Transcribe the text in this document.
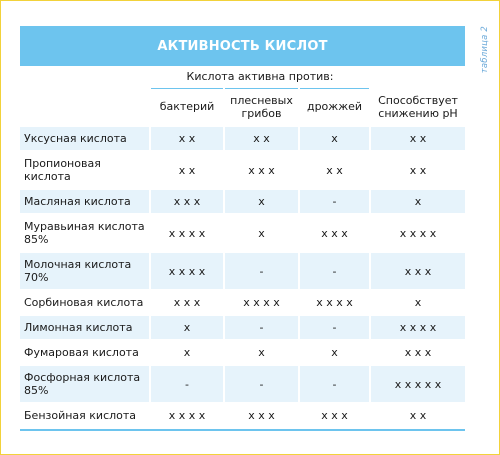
таблица 2
АКТИВНОСТЬ КИСЛОТ
	Кислота активна против:			
	бактерий	плесневых грибов	дрожжей	Способствует снижению pH
Уксусная кислота	x x	x x	x	x x
Пропионовая кислота	x x	x x x	x x	x x
Масляная кислота	x x x	x	-	x
Муравьиная кислота 85%	x x x x	x	x x x	x x x x
Молочная кислота 70%	x x x x	-	-	x x x
Сорбиновая кислота	x x x	x x x x	x x x x	x
Лимонная кислота	x	-	-	x x x x
Фумаровая кислота	x	x	x	x x x
Фосфорная кислота 85%	-	-	-	x x x x x
Бензойная кислота	x x x x	x x x	x x x	x x
